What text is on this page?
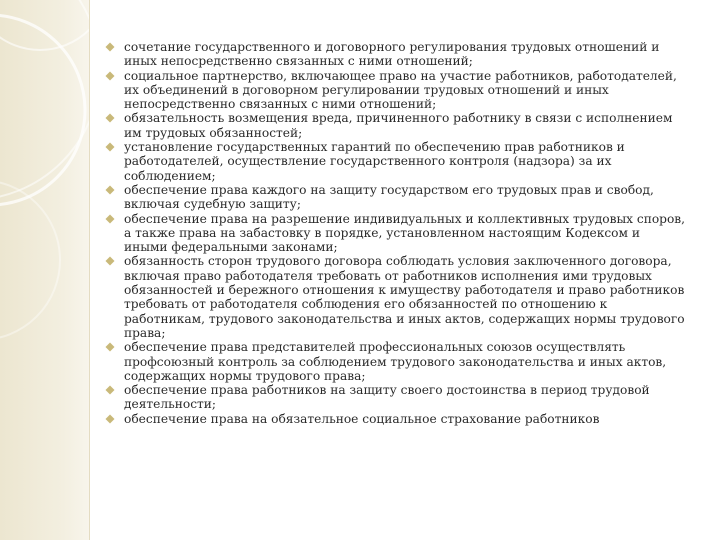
сочетание государственного и договорного регулирования трудовых отношений и иных непосредственно связанных с ними отношений;
социальное партнерство, включающее право на участие работников, работодателей, их объединений в договорном регулировании трудовых отношений и иных непосредственно связанных с ними отношений;
обязательность возмещения вреда, причиненного работнику в связи с исполнением им трудовых обязанностей;
установление государственных гарантий по обеспечению прав работников и работодателей, осуществление государственного контроля (надзора) за их соблюдением;
обеспечение права каждого на защиту государством его трудовых прав и свобод, включая судебную защиту;
обеспечение права на разрешение индивидуальных и коллективных трудовых споров, а также права на забастовку в порядке, установленном настоящим Кодексом и иными федеральными законами;
обязанность сторон трудового договора соблюдать условия заключенного договора, включая право работодателя требовать от работников исполнения ими трудовых обязанностей и бережного отношения к имуществу работодателя и право работников требовать от работодателя соблюдения его обязанностей по отношению к работникам, трудового законодательства и иных актов, содержащих нормы трудового права;
обеспечение права представителей профессиональных союзов осуществлять профсоюзный контроль за соблюдением трудового законодательства и иных актов, содержащих нормы трудового права;
обеспечение права работников на защиту своего достоинства в период трудовой деятельности;
обеспечение права на обязательное социальное страхование работников
